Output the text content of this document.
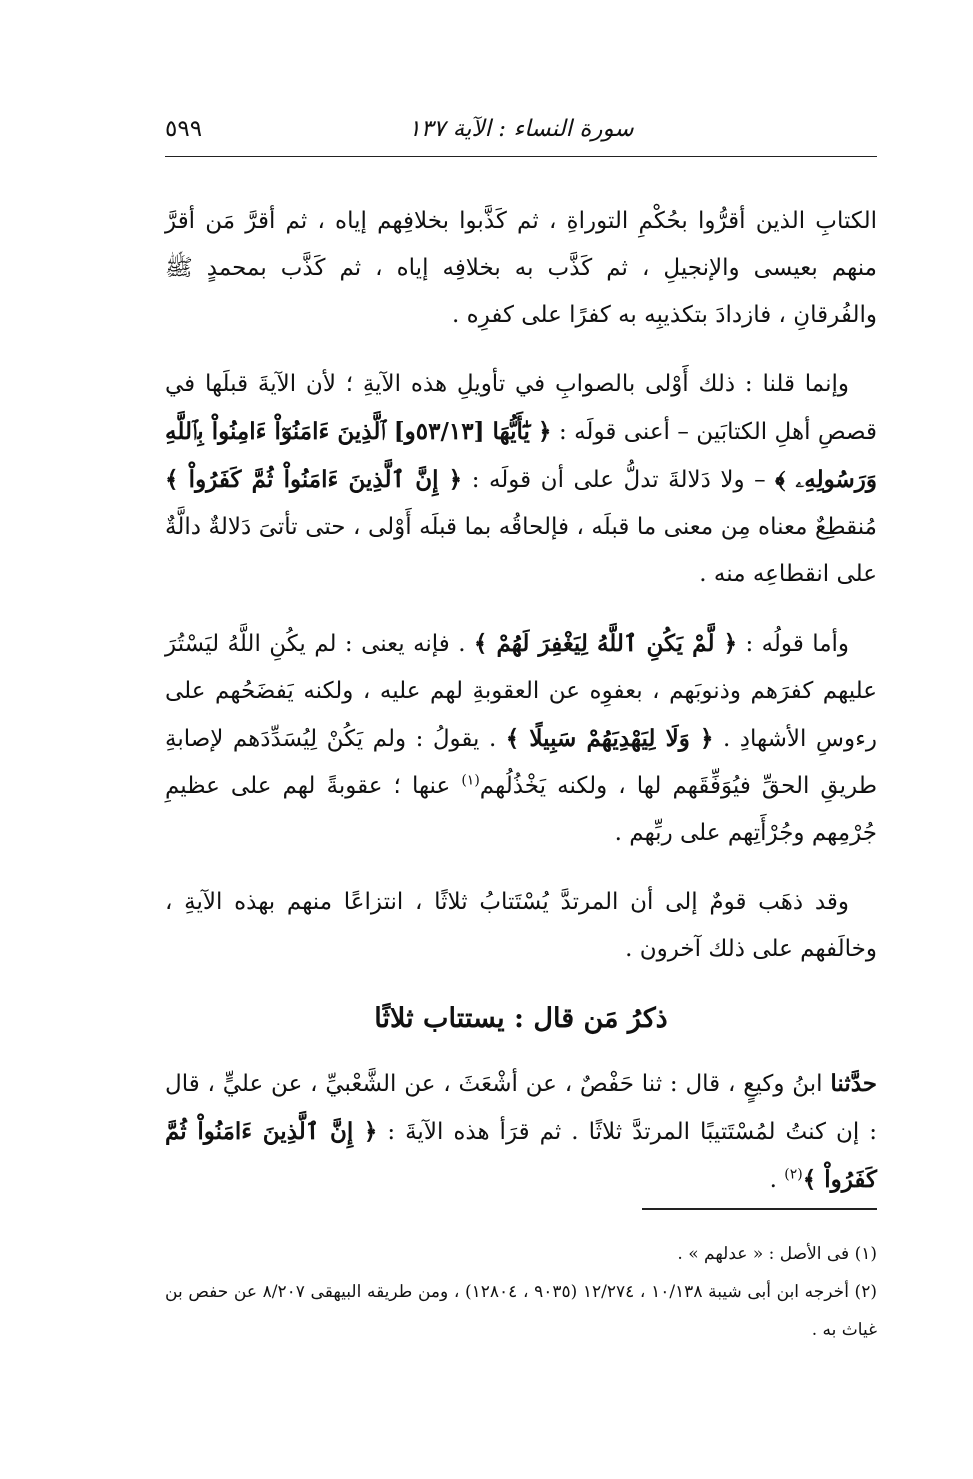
سورة النساء : الآية ١٣٧
٥٩٩

الكتابِ الذين أقرُّوا بحُكْمِ التوراةِ ، ثم كَذَّبوا بخلافِهم إياه ، ثم أقرَّ مَن أقرَّ منهم بعيسى والإنجيلِ ، ثم كَذَّب به بخلافِه إياه ، ثم كَذَّب بمحمدٍ ﷺ والفُرقانِ ، فازدادَ بتكذيبِه به كفرًا على كفرِه .

وإنما قلنا : ذلك أَوْلى بالصوابِ في تأويلِ هذه الآيةِ ؛ لأن الآيةَ قبلَها في قصصِ أهلِ الكتابَين – أعنى قولَه : ﴿ يَٰٓأَيُّهَا [٥٣/١٣و] ٱلَّذِينَ ءَامَنُوٓاْ ءَامِنُواْ بِٱللَّهِ وَرَسُولِهِۦ ﴾ – ولا دَلالةَ تدلُّ على أن قولَه : ﴿ إِنَّ ٱلَّذِينَ ءَامَنُواْ ثُمَّ كَفَرُواْ ﴾ مُنقطِعٌ معناه مِن معنى ما قبلَه ، فإلحاقُه بما قبلَه أَوْلى ، حتى تأتىَ دَلالةٌ دالَّةٌ على انقطاعِه منه .

وأما قولُه : ﴿ لَّمْ يَكُنِ ٱللَّهُ لِيَغْفِرَ لَهُمْ ﴾ . فإنه يعنى : لم يكُنِ اللَّهُ ليَسْتُرَ عليهم كفرَهم وذنوبَهم ، بعفوِه عن العقوبةِ لهم عليه ، ولكنه يَفضَحُهم على رءوسِ الأشهادِ . ﴿ وَلَا لِيَهْدِيَهُمْ سَبِيلًا ﴾ . يقولُ : ولم يَكُنْ لِيُسَدِّدَهم لإصابةِ طريقِ الحقِّ فيُوَفِّقَهم لها ، ولكنه يَخْذُلُهم$^{(١)}$ عنها ؛ عقوبةً لهم على عظيمِ جُرْمِهم وجُرْأَتِهم على ربِّهم .

وقد ذهَب قومٌ إلى أن المرتدَّ يُسْتَتابُ ثلاثًا ، انتزاعًا منهم بهذه الآيةِ ، وخالَفهم على ذلك آخرون .

ذكرُ مَن قال : يستتاب ثلاثًا

حدَّثنا ابنُ وكيعٍ ، قال : ثنا حَفْصٌ ، عن أشْعَثَ ، عن الشَّعْبيِّ ، عن عليٍّ ، قال : إن كنتُ لمُسْتَتيبًا المرتدَّ ثلاثًا . ثم قرَأ هذه الآيةَ : ﴿ إِنَّ ٱلَّذِينَ ءَامَنُواْ ثُمَّ كَفَرُواْ ﴾$^{(٢)}$ .

(١) فى الأصل : « عدلهم » .

(٢) أخرجه ابن أبى شيبة ١٠/١٣٨ ، ١٢/٢٧٤ (٩٠٣٥ ، ١٢٨٠٤) ، ومن طريقه البيهقى ٨/٢٠٧ عن حفص بن غياث به .
